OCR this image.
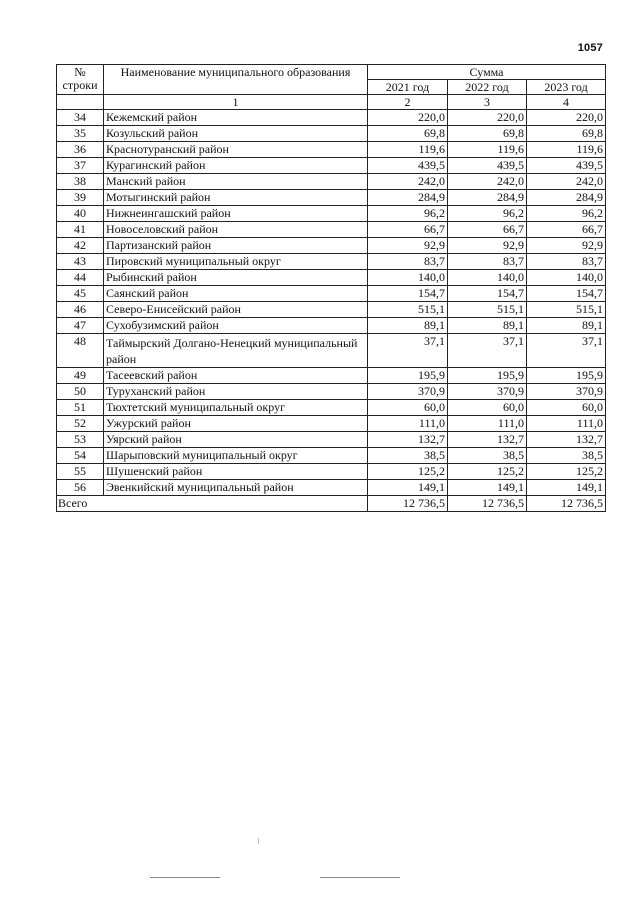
1057
№
строки	Наименование муниципального образования	Сумма		
		2021 год	2022 год	2023 год
	1	2	3	4
34	Кежемский район	220,0	220,0	220,0
35	Козульский район	69,8	69,8	69,8
36	Краснотуранский район	119,6	119,6	119,6
37	Курагинский район	439,5	439,5	439,5
38	Манский район	242,0	242,0	242,0
39	Мотыгинский район	284,9	284,9	284,9
40	Нижнеингашский район	96,2	96,2	96,2
41	Новоселовский район	66,7	66,7	66,7
42	Партизанский район	92,9	92,9	92,9
43	Пировский муниципальный округ	83,7	83,7	83,7
44	Рыбинский район	140,0	140,0	140,0
45	Саянский район	154,7	154,7	154,7
46	Северо-Енисейский район	515,1	515,1	515,1
47	Сухобузимский район	89,1	89,1	89,1
48	Таймырский Долгано-Ненецкий муниципальный район	37,1	37,1	37,1
49	Тасеевский район	195,9	195,9	195,9
50	Туруханский район	370,9	370,9	370,9
51	Тюхтетский муниципальный округ	60,0	60,0	60,0
52	Ужурский район	111,0	111,0	111,0
53	Уярский район	132,7	132,7	132,7
54	Шарыповский муниципальный округ	38,5	38,5	38,5
55	Шушенский район	125,2	125,2	125,2
56	Эвенкийский муниципальный район	149,1	149,1	149,1
Всего		12 736,5	12 736,5	12 736,5
